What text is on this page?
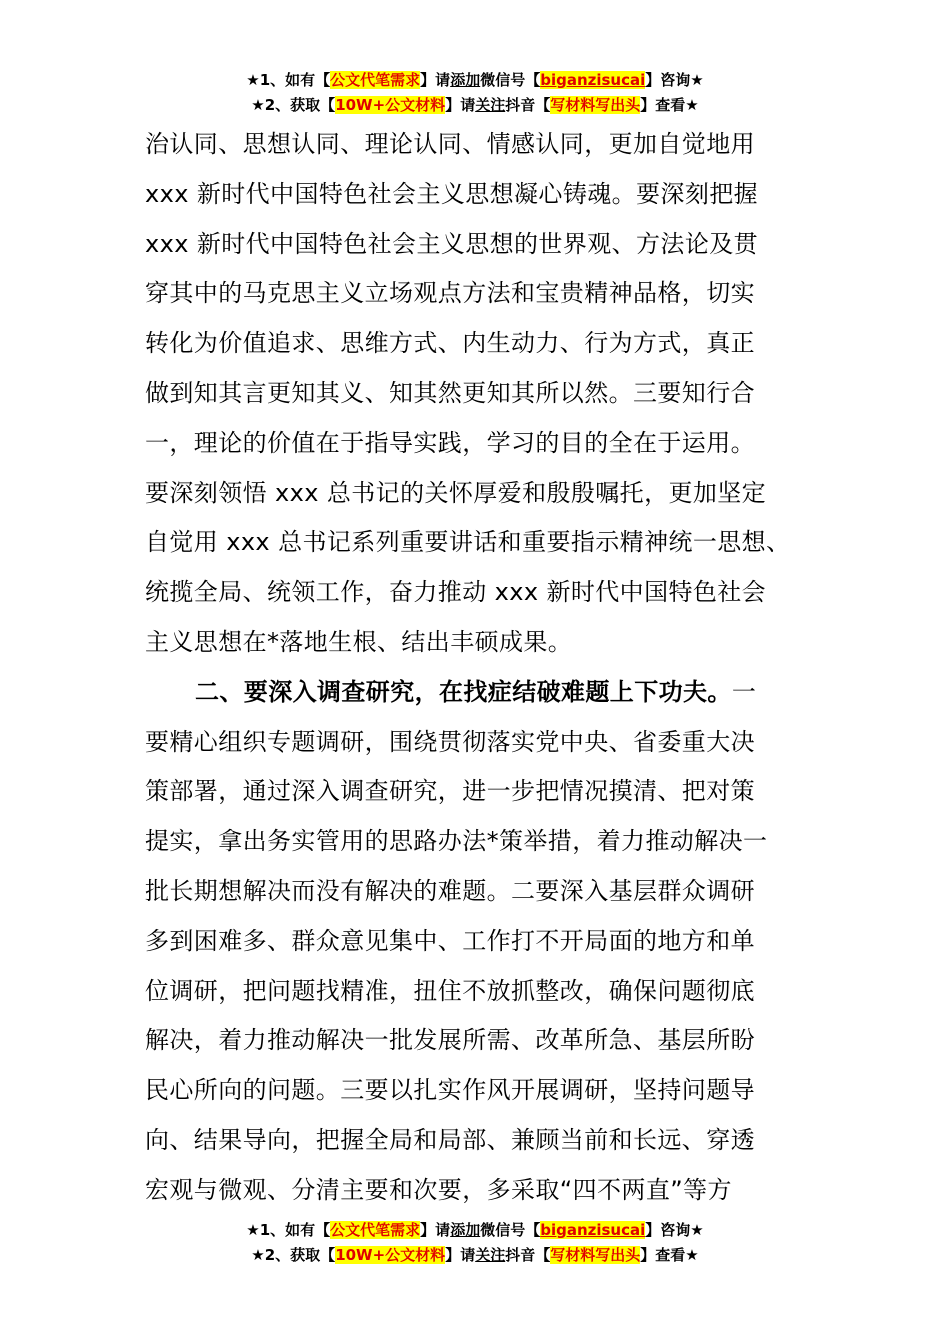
★1、如有【公文代笔需求】请添加微信号【biganzisucai】咨询★
★2、获取【10W+公文材料】请关注抖音【写材料写出头】查看★
治认同、思想认同、理论认同、情感认同，更加自觉地用
xxx 新时代中国特色社会主义思想凝心铸魂。要深刻把握
xxx 新时代中国特色社会主义思想的世界观、方法论及贯
穿其中的马克思主义立场观点方法和宝贵精神品格，切实
转化为价值追求、思维方式、内生动力、行为方式，真正
做到知其言更知其义、知其然更知其所以然。三要知行合
一，理论的价值在于指导实践，学习的目的全在于运用。
要深刻领悟 xxx 总书记的关怀厚爱和殷殷嘱托，更加坚定
自觉用 xxx 总书记系列重要讲话和重要指示精神统一思想、
统揽全局、统领工作，奋力推动 xxx 新时代中国特色社会
主义思想在*落地生根、结出丰硕成果。
二、要深入调查研究，在找症结破难题上下功夫。一
要精心组织专题调研，围绕贯彻落实党中央、省委重大决
策部署，通过深入调查研究，进一步把情况摸清、把对策
提实，拿出务实管用的思路办法*策举措，着力推动解决一
批长期想解决而没有解决的难题。二要深入基层群众调研
多到困难多、群众意见集中、工作打不开局面的地方和单
位调研，把问题找精准，扭住不放抓整改，确保问题彻底
解决，着力推动解决一批发展所需、改革所急、基层所盼
民心所向的问题。三要以扎实作风开展调研，坚持问题导
向、结果导向，把握全局和局部、兼顾当前和长远、穿透
宏观与微观、分清主要和次要，多采取“四不两直”等方
★1、如有【公文代笔需求】请添加微信号【biganzisucai】咨询★
★2、获取【10W+公文材料】请关注抖音【写材料写出头】查看★
